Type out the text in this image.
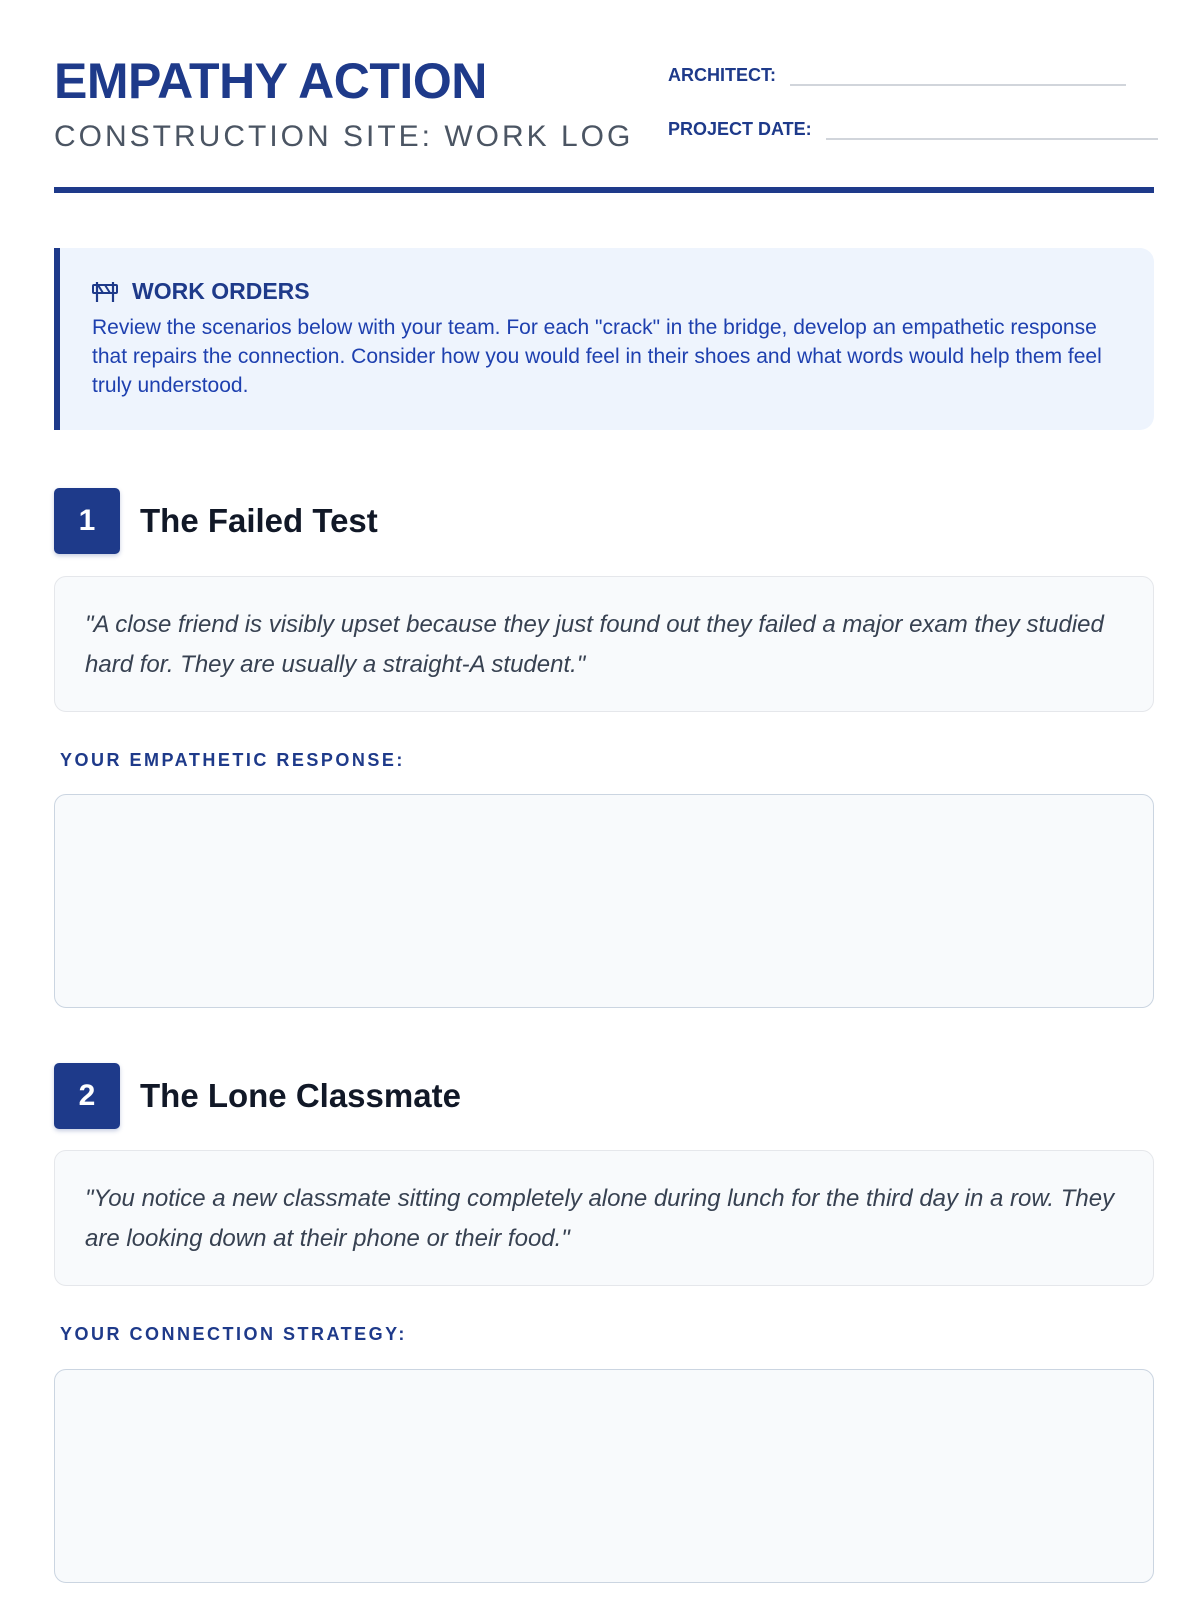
EMPATHY ACTION
CONSTRUCTION SITE: WORK LOG
ARCHITECT:
PROJECT DATE:
WORK ORDERS
Review the scenarios below with your team. For each "crack" in the bridge, develop an empathetic response that repairs the connection. Consider how you would feel in their shoes and what words would help them feel truly understood.
1	The Failed Test
"A close friend is visibly upset because they just found out they failed a major exam they studied hard for. They are usually a straight-A student."
YOUR EMPATHETIC RESPONSE:
2	The Lone Classmate
"You notice a new classmate sitting completely alone during lunch for the third day in a row. They are looking down at their phone or their food."
YOUR CONNECTION STRATEGY:
